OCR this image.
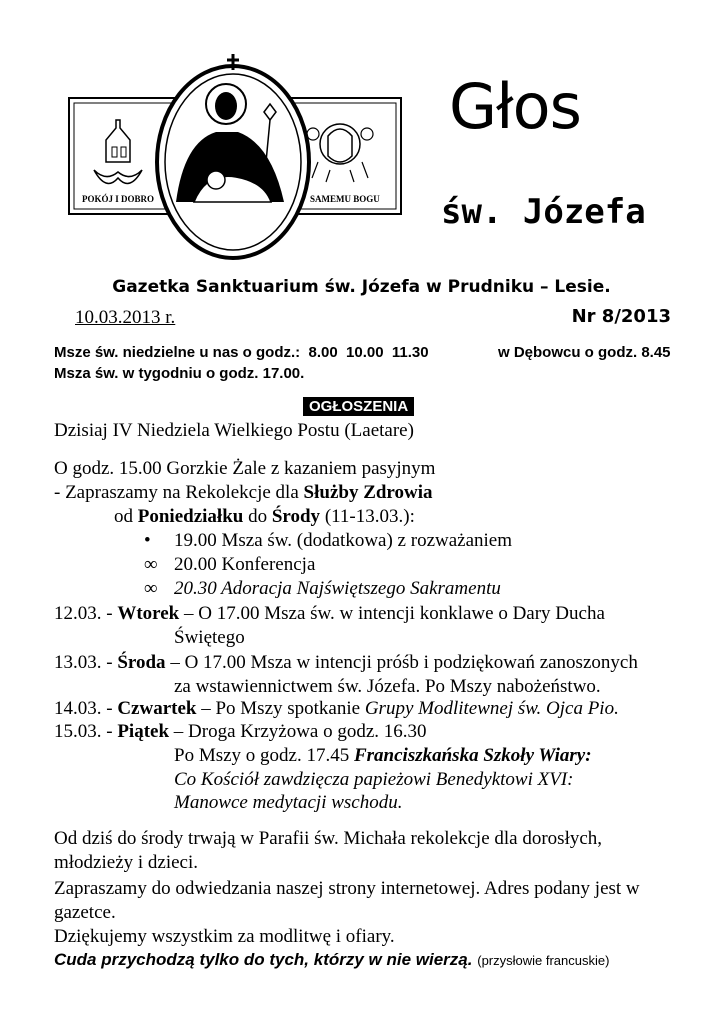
POKÓJ I DOBRO	SAMEMU BOGU
Głos
św. Józefa
Gazetka Sanktuarium św. Józefa w Prudniku – Lesie.
10.03.2013 r.	Nr 8/2013
Msze św. niedzielne u nas o godz.:  8.00  10.00  11.30	w Dębowcu o godz. 8.45
Msza św. w tygodniu o godz. 17.00.
OGŁOSZENIA
Dzisiaj IV Niedziela Wielkiego Postu (Laetare)
O godz. 15.00 Gorzkie Żale z kazaniem pasyjnym
- Zapraszamy na Rekolekcje dla Służby Zdrowia
od Poniedziałku do Środy (11-13.03.):
• 19.00 Msza św. (dodatkowa) z rozważaniem
∞ 20.00 Konferencja
∞ 20.30 Adoracja Najświętszego Sakramentu
12.03. - Wtorek – O 17.00 Msza św. w intencji konklawe o Dary Ducha
Świętego
13.03. - Środa – O 17.00 Msza w intencji próśb i podziękowań zanoszonych
za wstawiennictwem św. Józefa. Po Mszy nabożeństwo.
14.03. - Czwartek – Po Mszy spotkanie Grupy Modlitewnej św. Ojca Pio.
15.03. - Piątek – Droga Krzyżowa o godz. 16.30
Po Mszy o godz. 17.45 Franciszkańska Szkoły Wiary:
Co Kościół zawdzięcza papieżowi Benedyktowi XVI:
Manowce medytacji wschodu.
Od dziś do środy trwają w Parafii św. Michała rekolekcje dla dorosłych,
młodzieży i dzieci.
Zapraszamy do odwiedzania naszej strony internetowej. Adres podany jest w
gazetce.
Dziękujemy wszystkim za modlitwę i ofiary.
Cuda przychodzą tylko do tych, którzy w nie wierzą. (przysłowie francuskie)
